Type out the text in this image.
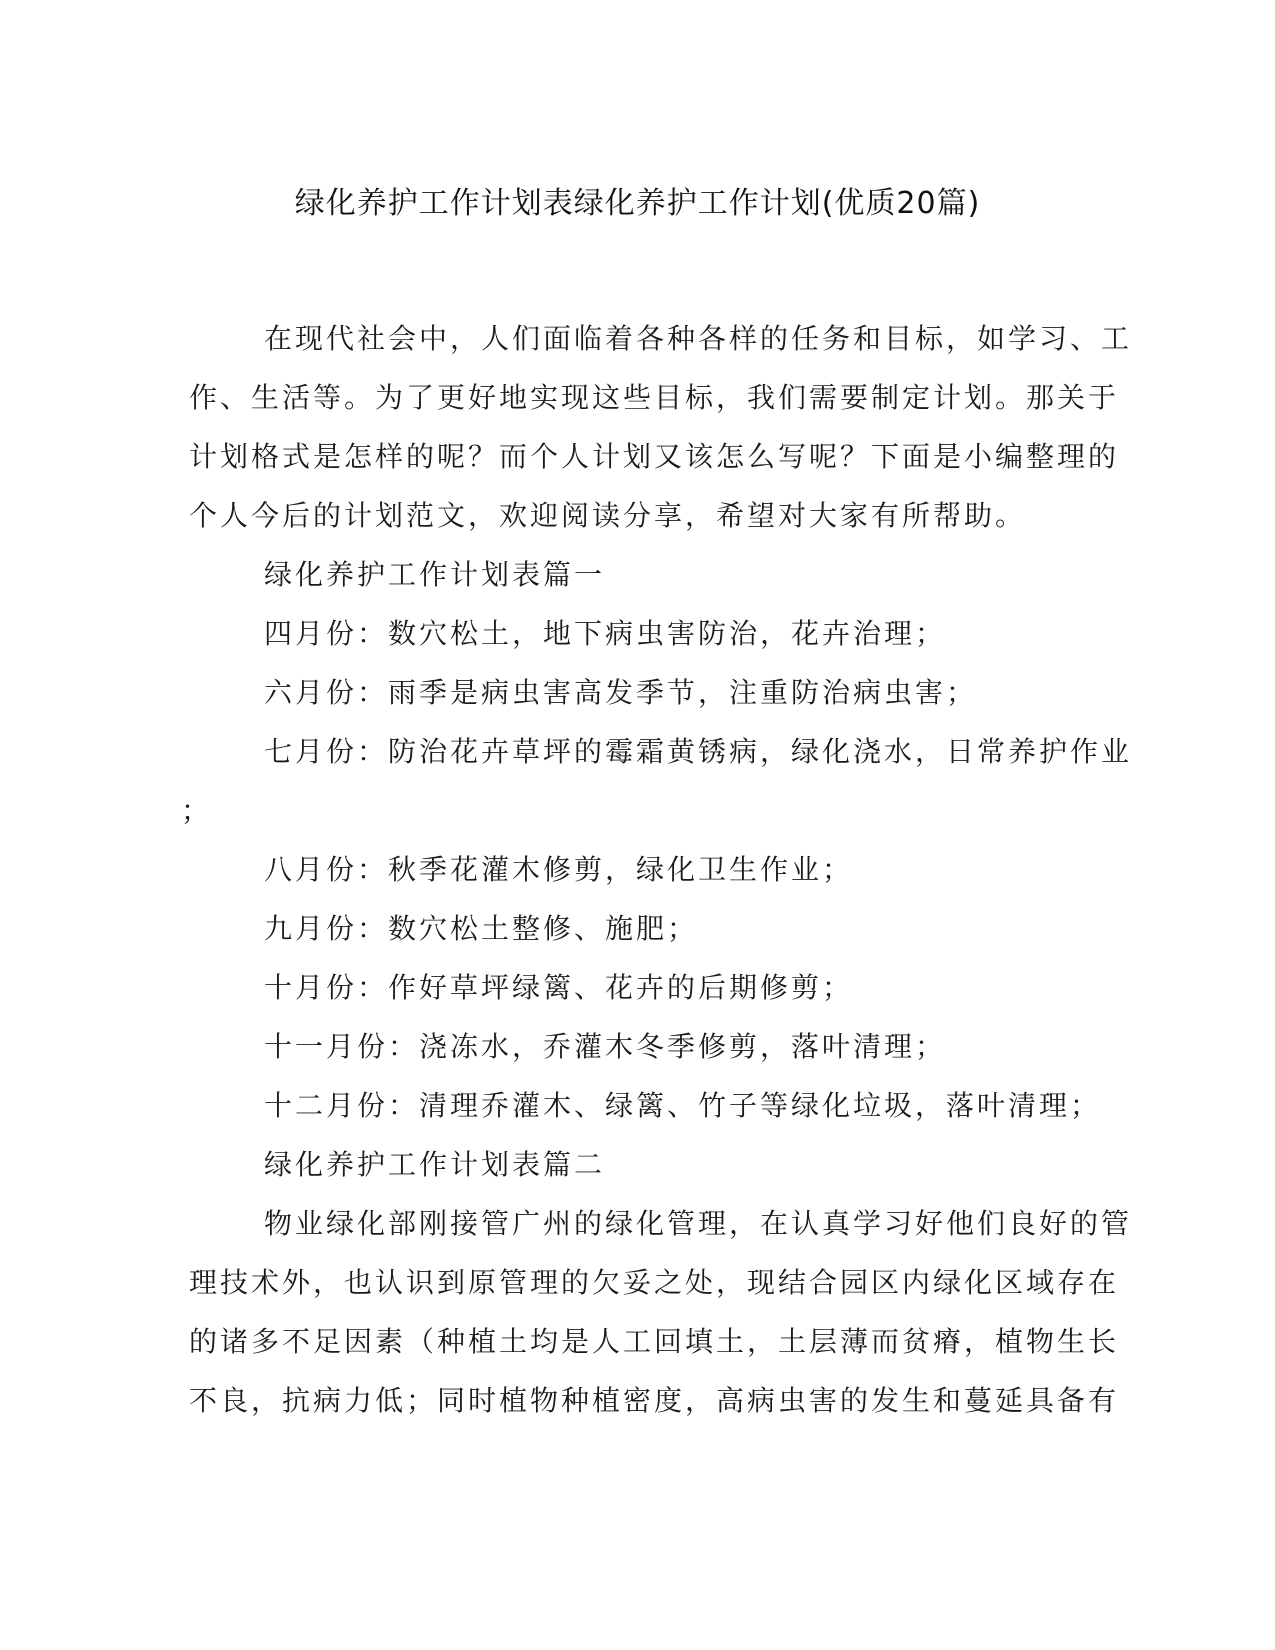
绿化养护工作计划表绿化养护工作计划(优质20篇)
在现代社会中，人们面临着各种各样的任务和目标，如学习、工
作、生活等。为了更好地实现这些目标，我们需要制定计划。那关于
计划格式是怎样的呢？而个人计划又该怎么写呢？下面是小编整理的
个人今后的计划范文，欢迎阅读分享，希望对大家有所帮助。
绿化养护工作计划表篇一
四月份：数穴松土，地下病虫害防治，花卉治理；
六月份：雨季是病虫害高发季节，注重防治病虫害；
七月份：防治花卉草坪的霉霜黄锈病，绿化浇水，日常养护作业
；
八月份：秋季花灌木修剪，绿化卫生作业；
九月份：数穴松土整修、施肥；
十月份：作好草坪绿篱、花卉的后期修剪；
十一月份：浇冻水，乔灌木冬季修剪，落叶清理；
十二月份：清理乔灌木、绿篱、竹子等绿化垃圾，落叶清理；
绿化养护工作计划表篇二
物业绿化部刚接管广州的绿化管理，在认真学习好他们良好的管
理技术外，也认识到原管理的欠妥之处，现结合园区内绿化区域存在
的诸多不足因素（种植土均是人工回填土，土层薄而贫瘠，植物生长
不良，抗病力低；同时植物种植密度，高病虫害的发生和蔓延具备有
